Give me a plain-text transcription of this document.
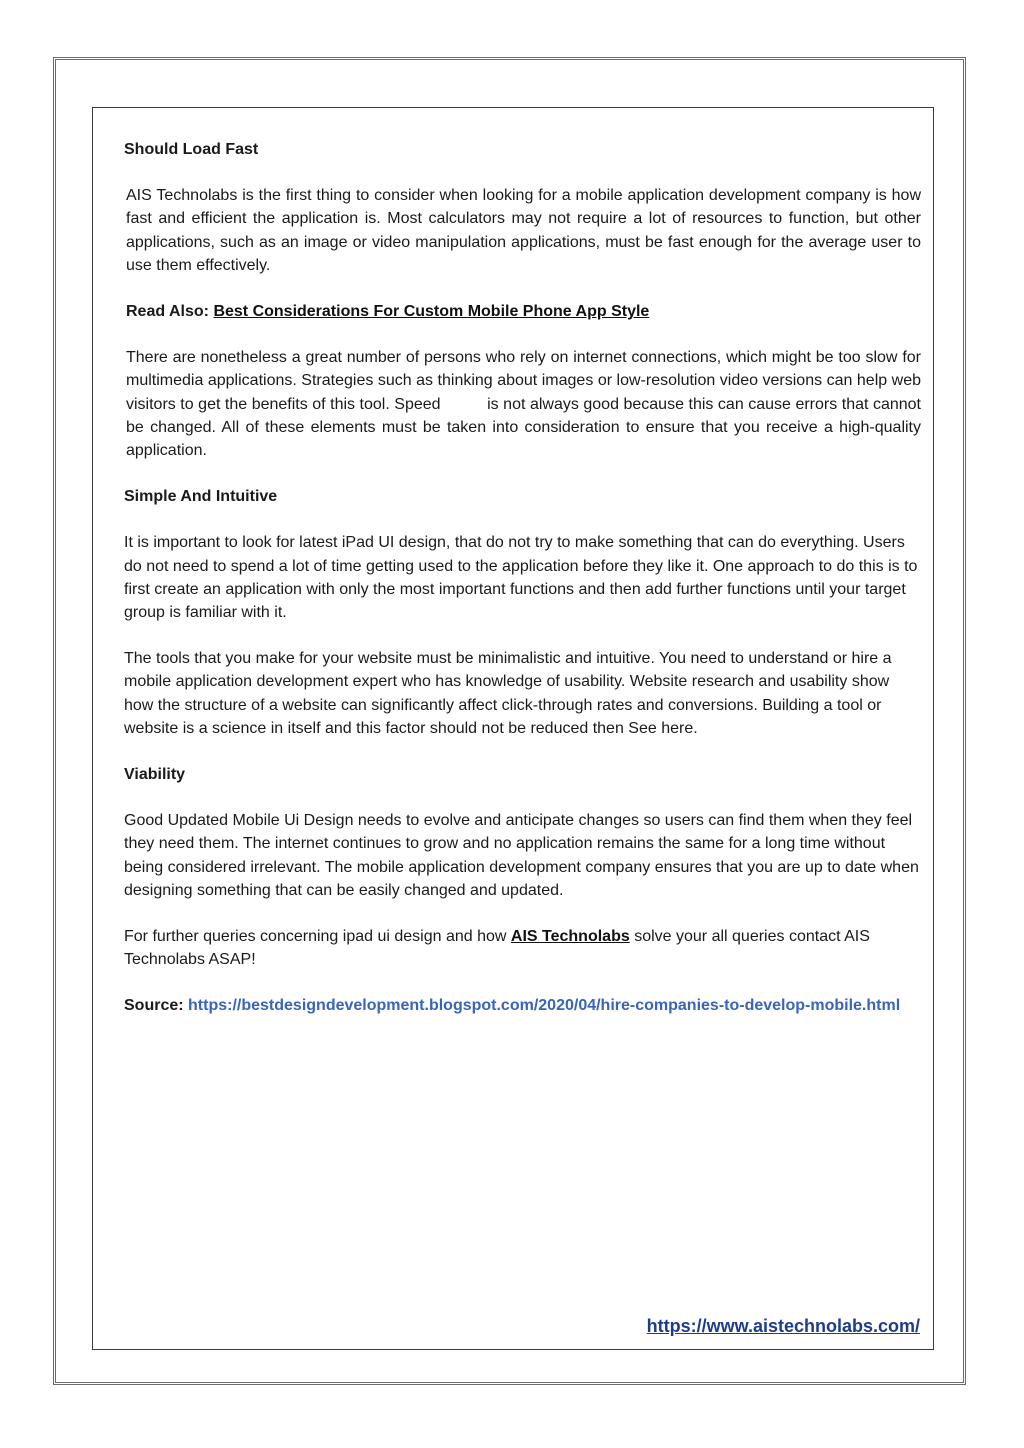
Should Load Fast
AIS Technolabs is the first thing to consider when looking for a mobile application development company is how fast and efficient the application is. Most calculators may not require a lot of resources to function, but other applications, such as an image or video manipulation applications, must be fast enough for the average user to use them effectively.
Read Also: Best Considerations For Custom Mobile Phone App Style
There are nonetheless a great number of persons who rely on internet connections, which might be too slow for multimedia applications. Strategies such as thinking about images or low-resolution video versions can help web visitors to get the benefits of this tool. Speed	is not always good because this can cause errors that cannot be changed. All of these elements must be taken into consideration to ensure that you receive a high-quality application.
Simple And Intuitive
It is important to look for latest iPad UI design, that do not try to make something that can do everything. Users do not need to spend a lot of time getting used to the application before they like it. One approach to do this is to first create an application with only the most important functions and then add further functions until your target group is familiar with it.
The tools that you make for your website must be minimalistic and intuitive. You need to understand or hire a mobile application development expert who has knowledge of usability. Website research and usability show how the structure of a website can significantly affect click-through rates and conversions. Building a tool or website is a science in itself and this factor should not be reduced then See here.
Viability
Good Updated Mobile Ui Design needs to evolve and anticipate changes so users can find them when they feel they need them. The internet continues to grow and no application remains the same for a long time without being considered irrelevant. The mobile application development company ensures that you are up to date when designing something that can be easily changed and updated.
For further queries concerning ipad ui design and how AIS Technolabs solve your all queries contact AIS Technolabs ASAP!
Source: https://bestdesigndevelopment.blogspot.com/2020/04/hire-companies-to-develop-mobile.html
https://www.aistechnolabs.com/
